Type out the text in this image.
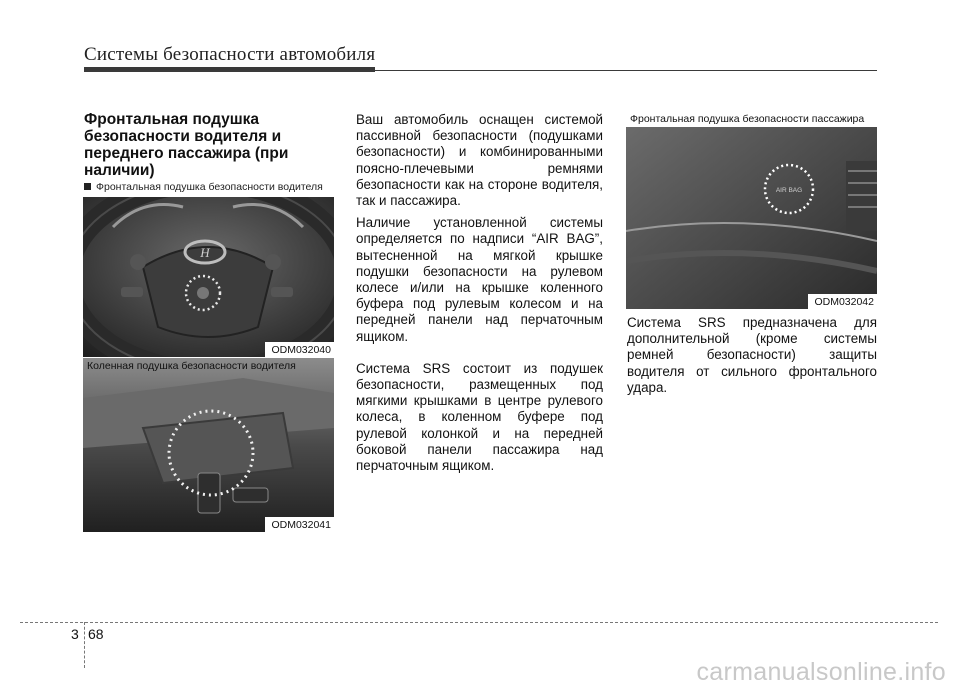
Системы безопасности автомобиля
Фронтальная подушка безопасности водителя и переднего пассажира (при наличии)
Фронтальная подушка безопасности водителя
H
ODM032040
Коленная подушка безопасности водителя
ODM032041

Ваш автомобиль оснащен системой пассивной безопасности (подушками безопасности) и комбинированными поясно-плечевыми ремнями безопасности как на стороне водителя, так и пассажира.

Наличие установленной системы определяется по надписи “AIR BAG”, вытесненной на мягкой крышке подушки безопасности на рулевом колесе и/или на крышке коленного буфера под рулевым колесом и на передней панели над перчаточным ящиком.

Система SRS состоит из подушек безопасности, размещенных под мягкими крышками в центре рулевого колеса, в коленном буфере под рулевой колонкой и на передней боковой панели пассажира над перчаточным ящиком.

AIR BAG
Фронтальная подушка безопасности пассажира
ODM032042

Система SRS предназначена для дополнительной (кроме системы ремней безопасности) защиты водителя от сильного фронтального удара.

3 68
carmanualsonline.info
